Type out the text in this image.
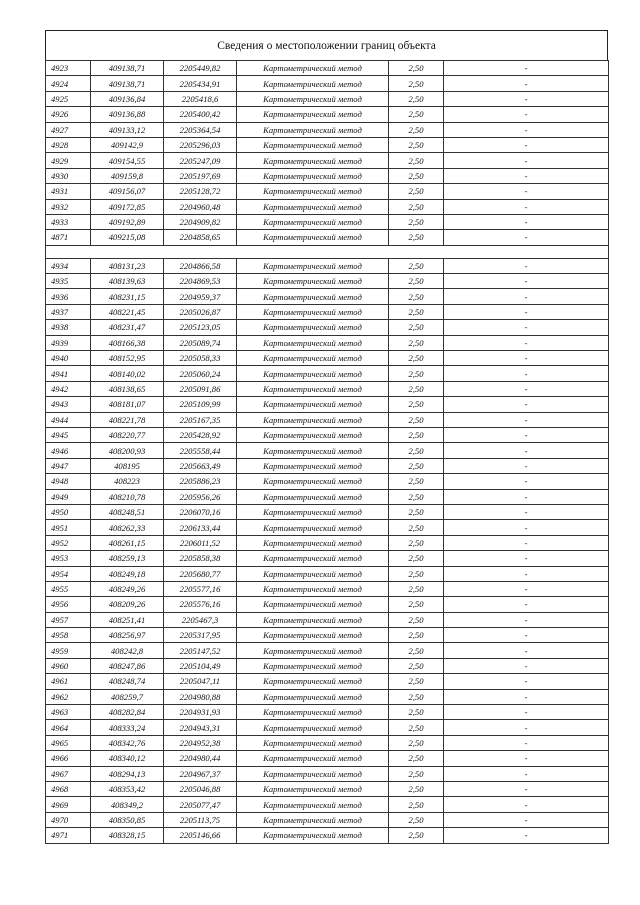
Сведения о местоположении границ объекта
4923	409138,71	2205449,82	Картометрический метод	2,50	-
4924	409138,71	2205434,91	Картометрический метод	2,50	-
4925	409136,84	2205418,6	Картометрический метод	2,50	-
4926	409136,88	2205400,42	Картометрический метод	2,50	-
4927	409133,12	2205364,54	Картометрический метод	2,50	-
4928	409142,9	2205296,03	Картометрический метод	2,50	-
4929	409154,55	2205247,09	Картометрический метод	2,50	-
4930	409159,8	2205197,69	Картометрический метод	2,50	-
4931	409156,07	2205128,72	Картометрический метод	2,50	-
4932	409172,85	2204960,48	Картометрический метод	2,50	-
4933	409192,89	2204909,82	Картометрический метод	2,50	-
4871	409215,08	2204858,65	Картометрический метод	2,50	-

4934	408131,23	2204866,58	Картометрический метод	2,50	-
4935	408139,63	2204869,53	Картометрический метод	2,50	-
4936	408231,15	2204959,37	Картометрический метод	2,50	-
4937	408221,45	2205026,87	Картометрический метод	2,50	-
4938	408231,47	2205123,05	Картометрический метод	2,50	-
4939	408166,38	2205089,74	Картометрический метод	2,50	-
4940	408152,95	2205058,33	Картометрический метод	2,50	-
4941	408140,02	2205060,24	Картометрический метод	2,50	-
4942	408138,65	2205091,86	Картометрический метод	2,50	-
4943	408181,07	2205109,99	Картометрический метод	2,50	-
4944	408221,78	2205167,35	Картометрический метод	2,50	-
4945	408220,77	2205428,92	Картометрический метод	2,50	-
4946	408200,93	2205558,44	Картометрический метод	2,50	-
4947	408195	2205663,49	Картометрический метод	2,50	-
4948	408223	2205886,23	Картометрический метод	2,50	-
4949	408210,78	2205956,26	Картометрический метод	2,50	-
4950	408248,51	2206070,16	Картометрический метод	2,50	-
4951	408262,33	2206133,44	Картометрический метод	2,50	-
4952	408261,15	2206011,52	Картометрический метод	2,50	-
4953	408259,13	2205858,38	Картометрический метод	2,50	-
4954	408249,18	2205680,77	Картометрический метод	2,50	-
4955	408249,26	2205577,16	Картометрический метод	2,50	-
4956	408209,26	2205576,16	Картометрический метод	2,50	-
4957	408251,41	2205467,3	Картометрический метод	2,50	-
4958	408256,97	2205317,95	Картометрический метод	2,50	-
4959	408242,8	2205147,52	Картометрический метод	2,50	-
4960	408247,86	2205104,49	Картометрический метод	2,50	-
4961	408248,74	2205047,11	Картометрический метод	2,50	-
4962	408259,7	2204980,88	Картометрический метод	2,50	-
4963	408282,84	2204931,93	Картометрический метод	2,50	-
4964	408333,24	2204943,31	Картометрический метод	2,50	-
4965	408342,76	2204952,38	Картометрический метод	2,50	-
4966	408340,12	2204980,44	Картометрический метод	2,50	-
4967	408294,13	2204967,37	Картометрический метод	2,50	-
4968	408353,42	2205046,88	Картометрический метод	2,50	-
4969	408349,2	2205077,47	Картометрический метод	2,50	-
4970	408350,85	2205113,75	Картометрический метод	2,50	-
4971	408328,15	2205146,66	Картометрический метод	2,50	-
